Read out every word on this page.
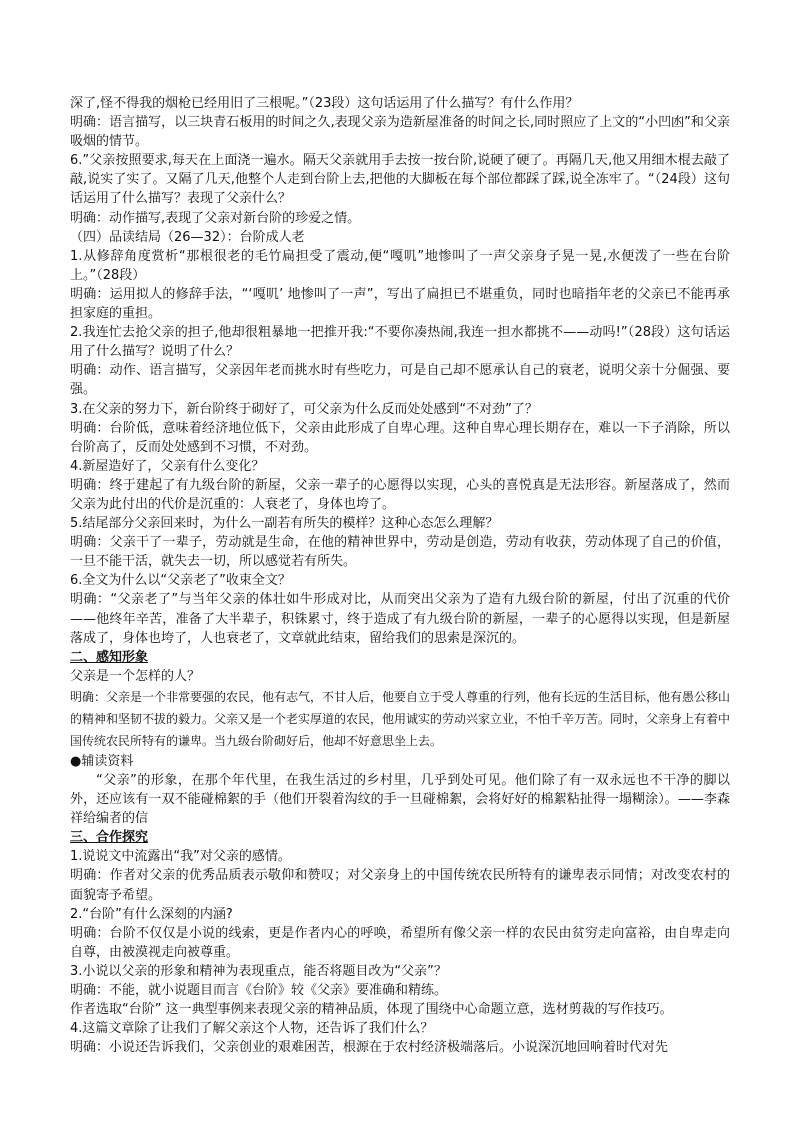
深了,怪不得我的烟枪已经用旧了三根呢。”（23段）这句话运用了什么描写？有什么作用？

明确：语言描写，以三块青石板用的时间之久,表现父亲为造新屋准备的时间之长,同时照应了上文的“小凹凼”和父亲吸烟的情节。

6.”父亲按照要求,每天在上面浇一遍水。隔天父亲就用手去按一按台阶,说硬了硬了。再隔几天,他又用细木棍去敲了敲,说实了实了。又隔了几天,他整个人走到台阶上去,把他的大脚板在每个部位都踩了踩,说全冻牢了。“（24段）这句话运用了什么描写？表现了父亲什么？

明确：动作描写,表现了父亲对新台阶的珍爱之情。

（四）品读结局（26—32）：台阶成人老

1.从修辞角度赏析“那根很老的毛竹扁担受了震动,便“嘎叽”地惨叫了一声父亲身子晃一晃,水便泼了一些在台阶上。”（28段）

明确：运用拟人的修辞手法，“‘嘎叽’ 地惨叫了一声”，写出了扁担已不堪重负，同时也暗指年老的父亲已不能再承担家庭的重担。

2.我连忙去抢父亲的担子,他却很粗暴地一把推开我:“不要你凑热闹,我连一担水都挑不——动吗!”（28段）这句话运用了什么描写？说明了什么？

明确：动作、语言描写，父亲因年老而挑水时有些吃力，可是自己却不愿承认自己的衰老，说明父亲十分倔强、要强。

3.在父亲的努力下，新台阶终于砌好了，可父亲为什么反而处处感到“不对劲”了？

明确：台阶低，意味着经济地位低下，父亲由此形成了自卑心理。这种自卑心理长期存在，难以一下子消除，所以台阶高了，反而处处感到不习惯，不对劲。

4.新屋造好了，父亲有什么变化？

明确：终于建起了有九级台阶的新屋，父亲一辈子的心愿得以实现，心头的喜悦真是无法形容。新屋落成了，然而父亲为此付出的代价是沉重的：人衰老了，身体也垮了。

5.结尾部分父亲回来时，为什么一副若有所失的模样？这种心态怎么理解？

明确：父亲干了一辈子，劳动就是生命，在他的精神世界中，劳动是创造，劳动有收获，劳动体现了自己的价值，一旦不能干活，就失去一切，所以感觉若有所失。

6.全文为什么以“父亲老了”收束全文？

明确：“父亲老了”与当年父亲的体壮如牛形成对比，从而突出父亲为了造有九级台阶的新屋，付出了沉重的代价——他终年辛苦，准备了大半辈子，积铢累寸，终于造成了有九级台阶的新屋，一辈子的心愿得以实现，但是新屋落成了，身体也垮了，人也衰老了，文章就此结束，留给我们的思索是深沉的。

二、感知形象

父亲是一个怎样的人？

明确：父亲是一个非常要强的农民，他有志气，不甘人后，他要自立于受人尊重的行列，他有长远的生活目标，他有愚公移山的精神和坚韧不拔的毅力。父亲又是一个老实厚道的农民，他用诚实的劳动兴家立业，不怕千辛万苦。同时，父亲身上有着中国传统农民所特有的谦卑。当九级台阶砌好后，他却不好意思坐上去。

●辅读资料

“父亲”的形象，在那个年代里，在我生活过的乡村里，几乎到处可见。他们除了有一双永远也不干净的脚以外，还应该有一双不能碰棉絮的手（他们开裂着沟纹的手一旦碰棉絮，会将好好的棉絮粘扯得一塌糊涂）。——李森祥给编者的信

三、合作探究

1.说说文中流露出“我”对父亲的感情。

明确：作者对父亲的优秀品质表示敬仰和赞叹；对父亲身上的中国传统农民所特有的谦卑表示同情；对改变农村的面貌寄予希望。

2.“台阶”有什么深刻的内涵?

明确：台阶不仅仅是小说的线索，更是作者内心的呼唤，希望所有像父亲一样的农民由贫穷走向富裕，由自卑走向自尊，由被漠视走向被尊重。

3.小说以父亲的形象和精神为表现重点，能否将题目改为“父亲”？

明确：不能，就小说题目而言《台阶》较《父亲》要准确和精练。

作者选取“台阶” 这一典型事例来表现父亲的精神品质，体现了围绕中心命题立意，选材剪裁的写作技巧。

4.这篇文章除了让我们了解父亲这个人物，还告诉了我们什么？

明确：小说还告诉我们，父亲创业的艰难困苦，根源在于农村经济极端落后。小说深沉地回响着时代对先
